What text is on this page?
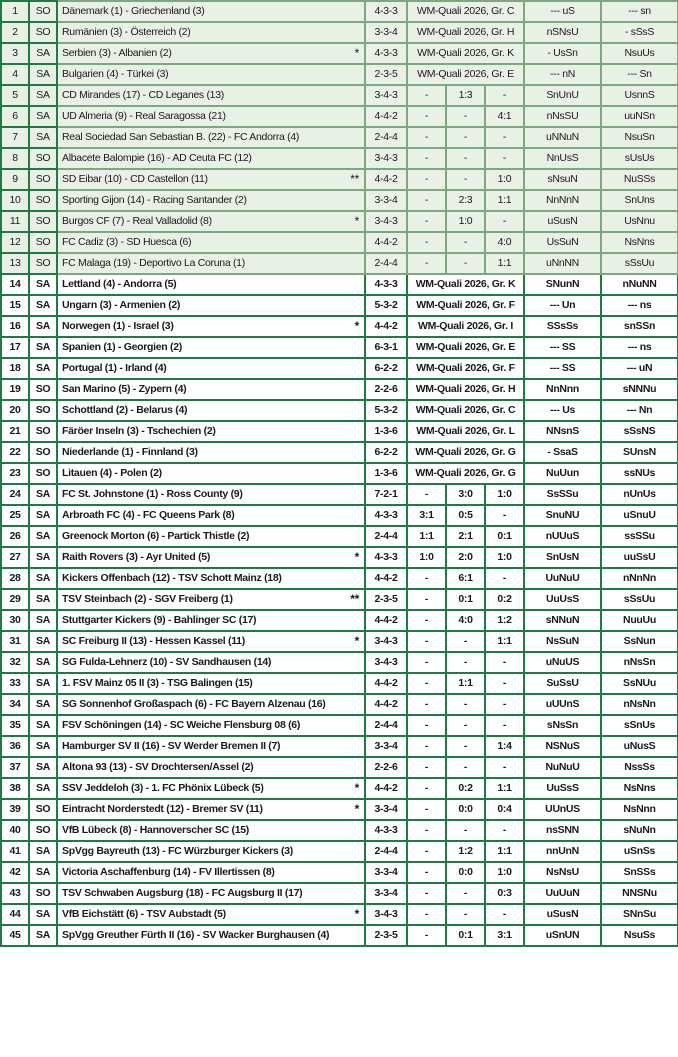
1	SO	Dänemark (1) - Griechenland (3)		4-3-3	WM-Quali 2026, Gr. C			--- uS	--- sn
2	SO	Rumänien (3) - Österreich (2)		3-3-4	WM-Quali 2026, Gr. H			nSNsU	- sSsS
3	SA	Serbien (3) - Albanien (2)	*	4-3-3	WM-Quali 2026, Gr. K			- UsSn	NsuUs
4	SA	Bulgarien (4) - Türkei (3)		2-3-5	WM-Quali 2026, Gr. E			--- nN	--- Sn
5	SA	CD Mirandes (17) - CD Leganes (13)		3-4-3	-	1:3	-	SnUnU	UsnnS
6	SA	UD Almeria (9) - Real Saragossa (21)		4-4-2	-	-	4:1	nNsSU	uuNSn
7	SA	Real Sociedad San Sebastian B. (22) - FC Andorra (4)		2-4-4	-	-	-	uNNuN	NsuSn
8	SO	Albacete Balompie (16) - AD Ceuta FC (12)		3-4-3	-	-	-	NnUsS	sUsUs
9	SO	SD Eibar (10) - CD Castellon (11)	**	4-4-2	-	-	1:0	sNsuN	NuSSs
10	SO	Sporting Gijon (14) - Racing Santander (2)		3-3-4	-	2:3	1:1	NnNnN	SnUns
11	SO	Burgos CF (7) - Real Valladolid (8)	*	3-4-3	-	1:0	-	uSusN	UsNnu
12	SO	FC Cadiz (3) - SD Huesca (6)		4-4-2	-	-	4:0	UsSuN	NsNns
13	SO	FC Malaga (19) - Deportivo La Coruna (1)		2-4-4	-	-	1:1	uNnNN	sSsUu
14	SA	Lettland (4) - Andorra (5)		4-3-3	WM-Quali 2026, Gr. K			SNunN	nNuNN
15	SA	Ungarn (3) - Armenien (2)		5-3-2	WM-Quali 2026, Gr. F			--- Un	--- ns
16	SA	Norwegen (1) - Israel (3)	*	4-4-2	WM-Quali 2026, Gr. I			SSsSs	snSSn
17	SA	Spanien (1) - Georgien (2)		6-3-1	WM-Quali 2026, Gr. E			--- SS	--- ns
18	SA	Portugal (1) - Irland (4)		6-2-2	WM-Quali 2026, Gr. F			--- SS	--- uN
19	SO	San Marino (5) - Zypern (4)		2-2-6	WM-Quali 2026, Gr. H			NnNnn	sNNNu
20	SO	Schottland (2) - Belarus (4)		5-3-2	WM-Quali 2026, Gr. C			--- Us	--- Nn
21	SO	Färöer Inseln (3) - Tschechien (2)		1-3-6	WM-Quali 2026, Gr. L			NNsnS	sSsNS
22	SO	Niederlande (1) - Finnland (3)		6-2-2	WM-Quali 2026, Gr. G			- SsaS	SUnsN
23	SO	Litauen (4) - Polen (2)		1-3-6	WM-Quali 2026, Gr. G			NuUun	ssNUs
24	SA	FC St. Johnstone (1) - Ross County (9)		7-2-1	-	3:0	1:0	SsSSu	nUnUs
25	SA	Arbroath FC (4) - FC Queens Park (8)		4-3-3	3:1	0:5	-	SnuNU	uSnuU
26	SA	Greenock Morton (6) - Partick Thistle (2)		2-4-4	1:1	2:1	0:1	nUUuS	ssSSu
27	SA	Raith Rovers (3) - Ayr United (5)	*	4-3-3	1:0	2:0	1:0	SnUsN	uuSsU
28	SA	Kickers Offenbach (12) - TSV Schott Mainz (18)		4-4-2	-	6:1	-	UuNuU	nNnNn
29	SA	TSV Steinbach (2) - SGV Freiberg (1)	**	2-3-5	-	0:1	0:2	UuUsS	sSsUu
30	SA	Stuttgarter Kickers (9) - Bahlinger SC (17)		4-4-2	-	4:0	1:2	sNNuN	NuuUu
31	SA	SC Freiburg II (13) - Hessen Kassel (11)	*	3-4-3	-	-	1:1	NsSuN	SsNun
32	SA	SG Fulda-Lehnerz (10) - SV Sandhausen (14)		3-4-3	-	-	-	uNuUS	nNsSn
33	SA	1. FSV Mainz 05 II (3) - TSG Balingen (15)		4-4-2	-	1:1	-	SuSsU	SsNUu
34	SA	SG Sonnenhof Großaspach (6) - FC Bayern Alzenau (16)		4-4-2	-	-	-	uUUnS	nNsNn
35	SA	FSV Schöningen (14) - SC Weiche Flensburg 08 (6)		2-4-4	-	-	-	sNsSn	sSnUs
36	SA	Hamburger SV II (16) - SV Werder Bremen II (7)		3-3-4	-	-	1:4	NSNuS	uNusS
37	SA	Altona 93 (13) - SV Drochtersen/Assel (2)		2-2-6	-	-	-	NuNuU	NssSs
38	SA	SSV Jeddeloh (3) - 1. FC Phönix Lübeck (5)	*	4-4-2	-	0:2	1:1	UuSsS	NsNns
39	SO	Eintracht Norderstedt (12) - Bremer SV (11)	*	3-3-4	-	0:0	0:4	UUnUS	NsNnn
40	SO	VfB Lübeck (8) - Hannoverscher SC (15)		4-3-3	-	-	-	nsSNN	sNuNn
41	SA	SpVgg Bayreuth (13) - FC Würzburger Kickers (3)		2-4-4	-	1:2	1:1	nnUnN	uSnSs
42	SA	Victoria Aschaffenburg (14) - FV Illertissen (8)		3-3-4	-	0:0	1:0	NsNsU	SnSSs
43	SO	TSV Schwaben Augsburg (18) - FC Augsburg II (17)		3-3-4	-	-	0:3	UuUuN	NNSNu
44	SA	VfB Eichstätt (6) - TSV Aubstadt (5)	*	3-4-3	-	-	-	uSusN	SNnSu
45	SA	SpVgg Greuther Fürth II (16) - SV Wacker Burghausen (4)		2-3-5	-	0:1	3:1	uSnUN	NsuSs
